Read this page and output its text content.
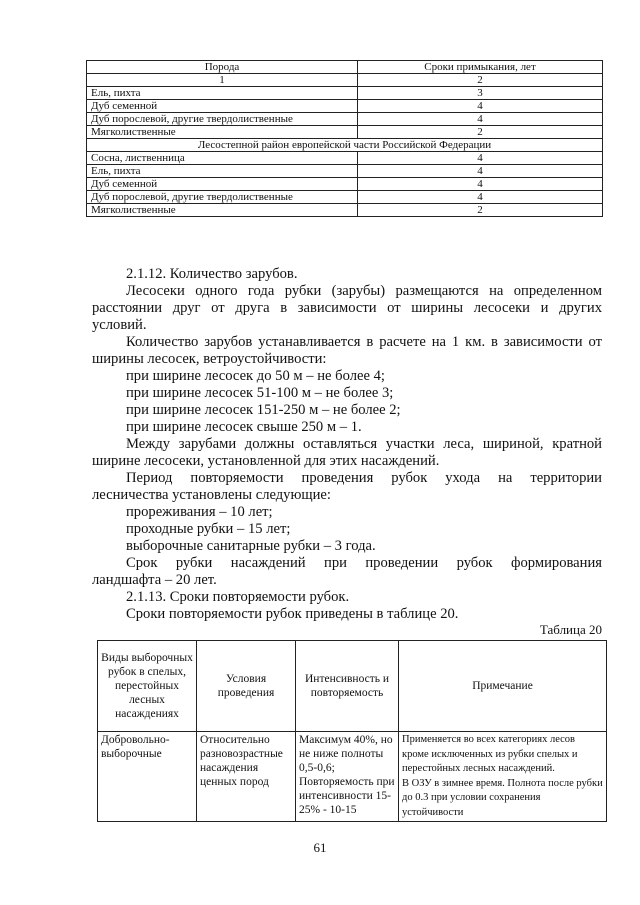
Порода	Сроки примыкания, лет
1	2
Ель, пихта	3
Дуб семенной	4
Дуб порослевой, другие твердолиственные	4
Мягколиственные	2
Лесостепной район европейской части Российской Федерации	
Сосна, лиственница	4
Ель, пихта	4
Дуб семенной	4
Дуб порослевой, другие твердолиственные	4
Мягколиственные	2
2.1.12. Количество зарубов.
Лесосеки одного года рубки (зарубы) размещаются на определенном
расстоянии друг от друга в зависимости от ширины лесосеки и других
условий.
Количество зарубов устанавливается в расчете на 1 км. в зависимости от
ширины лесосек, ветроустойчивости:
при ширине лесосек до 50 м – не более 4;
при ширине лесосек 51-100 м – не более 3;
при ширине лесосек 151-250 м – не более 2;
при ширине лесосек свыше 250 м – 1.
Между зарубами должны оставляться участки леса, шириной, кратной
ширине лесосеки, установленной для этих насаждений.
Период повторяемости проведения рубок ухода на территории
лесничества установлены следующие:
прореживания – 10 лет;
проходные рубки – 15 лет;
выборочные санитарные рубки – 3 года.
Срок рубки насаждений при проведении рубок формирования
ландшафта – 20 лет.
2.1.13. Сроки повторяемости рубок.
Сроки повторяемости рубок приведены в таблице 20.
Таблица 20
Виды выборочных рубок в спелых, перестойных лесных насаждениях	Условия проведения	Интенсивность и повторяемость	Примечание
Добровольно-выборочные	Относительно разновозрастные насаждения ценных пород	Максимум 40%, но не ниже полноты 0,5-0,6; Повторяемость при интенсивности 15-25% - 10-15	Применяется во всех категориях лесов кроме исключенных из рубки спелых и перестойных лесных насаждений.
В ОЗУ в зимнее время. Полнота после рубки до 0.3 при условии сохранения устойчивости
61
